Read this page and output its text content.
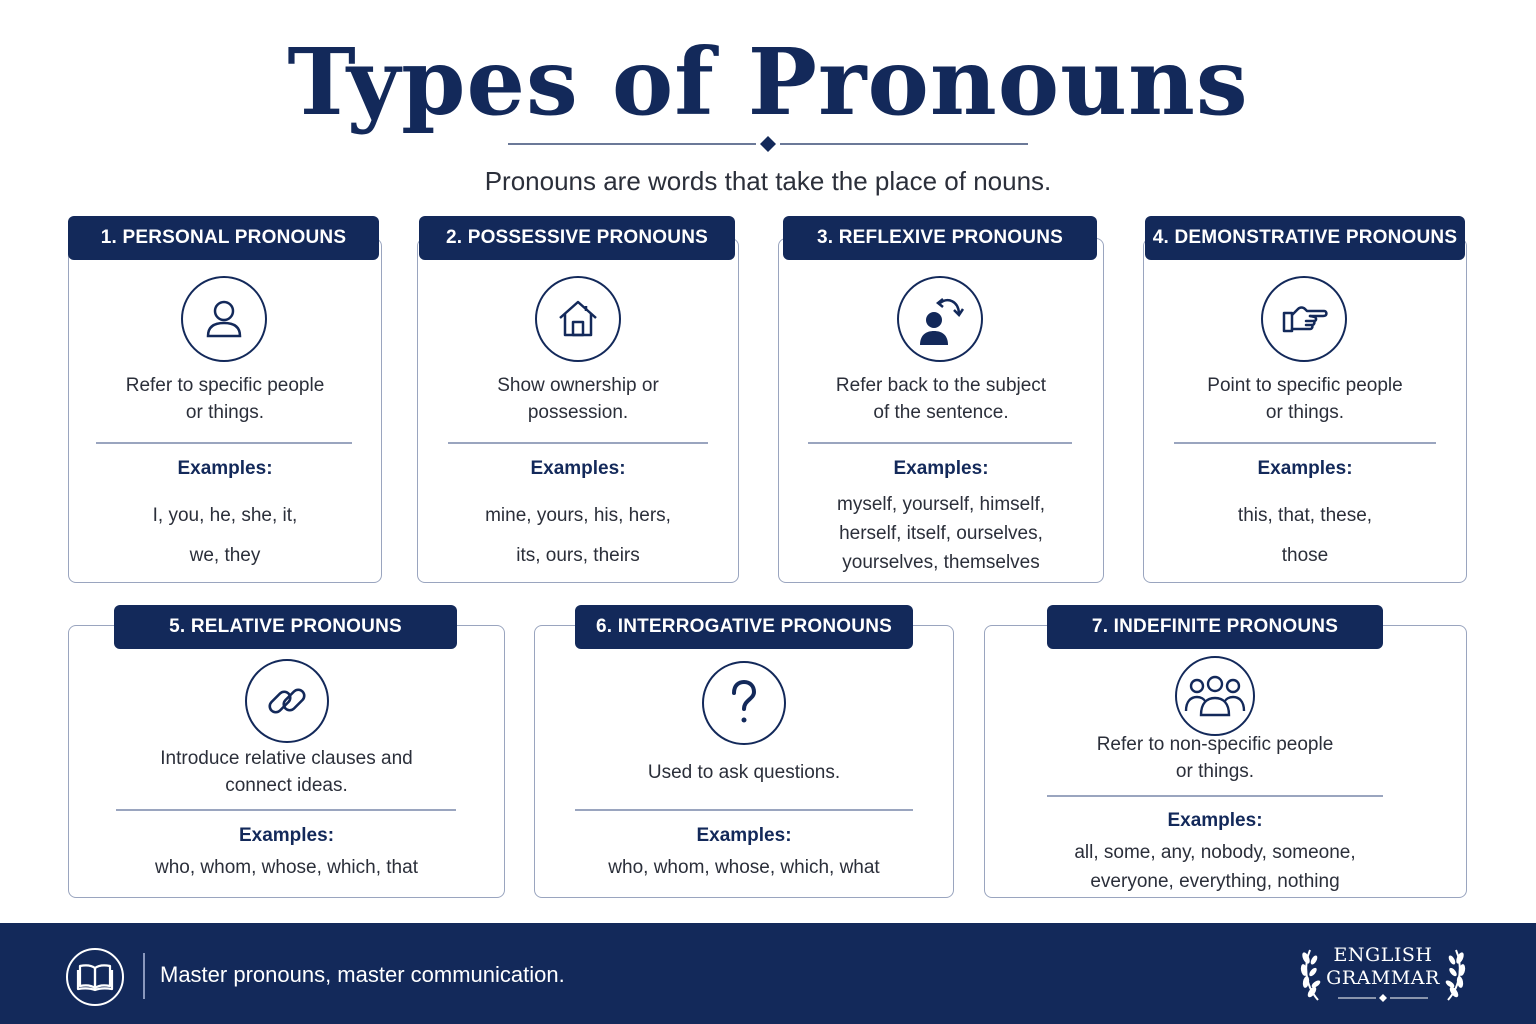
Types of Pronouns
Pronouns are words that take the place of nouns.
1. PERSONAL PRONOUNS
Refer to specific people
or things.
Examples:
I, you, he, she, it,
we, they
2. POSSESSIVE PRONOUNS
Show ownership or
possession.
Examples:
mine, yours, his, hers,
its, ours, theirs
3. REFLEXIVE PRONOUNS
Refer back to the subject
of the sentence.
Examples:
myself, yourself, himself,
herself, itself, ourselves,
yourselves, themselves
4. DEMONSTRATIVE PRONOUNS
Point to specific people
or things.
Examples:
this, that, these,
those
5. RELATIVE PRONOUNS
Introduce relative clauses and
connect ideas.
Examples:
who, whom, whose, which, that
6. INTERROGATIVE PRONOUNS
Used to ask questions.
Examples:
who, whom, whose, which, what
7. INDEFINITE PRONOUNS
Refer to non-specific people
or things.
Examples:
all, some, any, nobody, someone,
everyone, everything, nothing
Master pronouns, master communication.
ENGLISH
GRAMMAR
